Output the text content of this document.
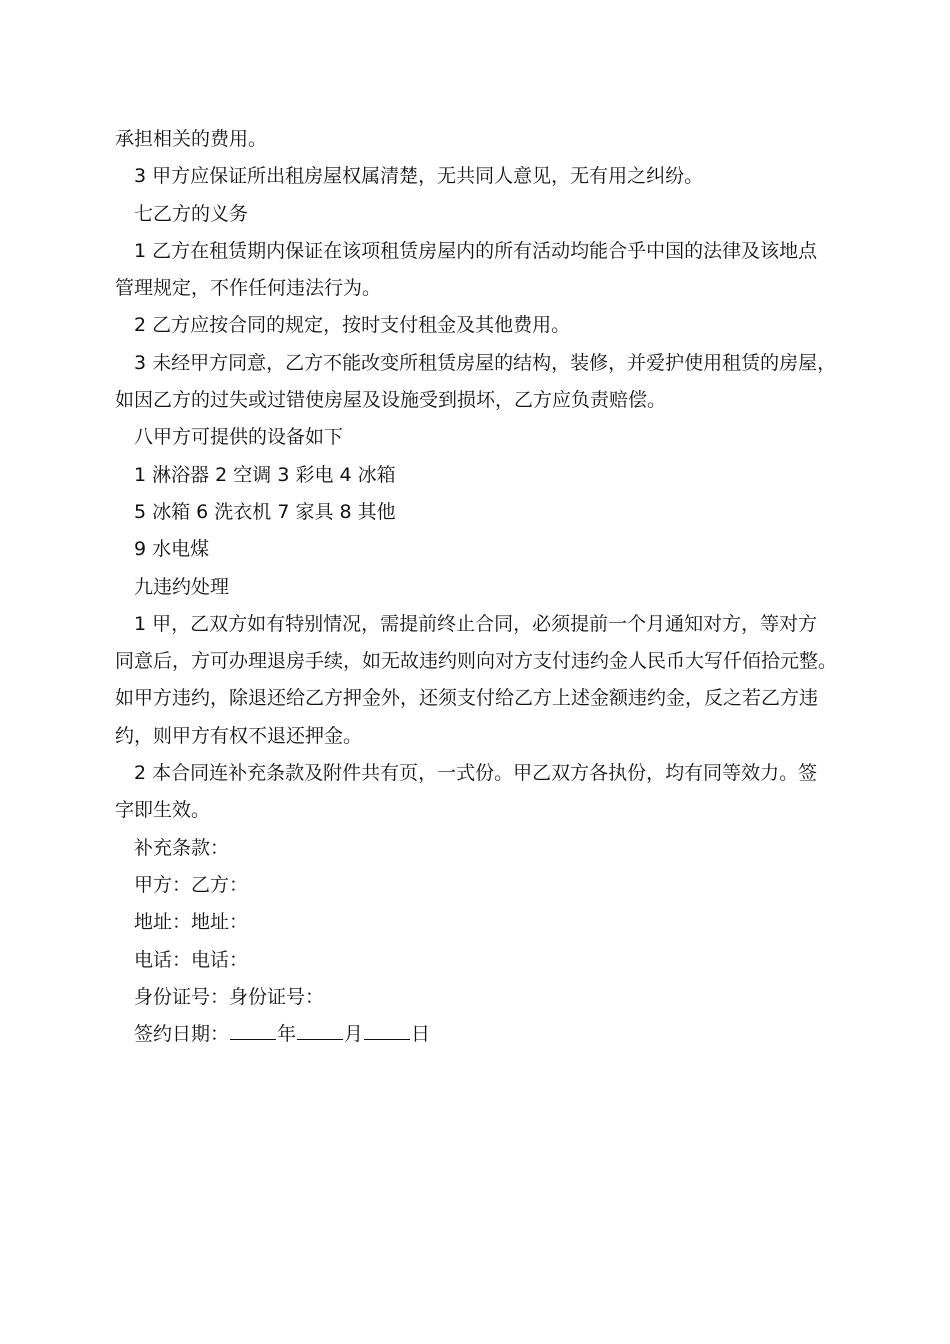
承担相关的费用。
3 甲方应保证所出租房屋权属清楚，无共同人意见，无有用之纠纷。
七乙方的义务
1 乙方在租赁期内保证在该项租赁房屋内的所有活动均能合乎中国的法律及该地点
管理规定，不作任何违法行为。
2 乙方应按合同的规定，按时支付租金及其他费用。
3 未经甲方同意，乙方不能改变所租赁房屋的结构，装修，并爱护使用租赁的房屋，
如因乙方的过失或过错使房屋及设施受到损坏，乙方应负责赔偿。
八甲方可提供的设备如下
1 淋浴器 2 空调 3 彩电 4 冰箱
5 冰箱 6 洗衣机 7 家具 8 其他
9 水电煤
九违约处理
1 甲，乙双方如有特别情况，需提前终止合同，必须提前一个月通知对方，等对方
同意后，方可办理退房手续，如无故违约则向对方支付违约金人民币大写仟佰拾元整。
如甲方违约，除退还给乙方押金外，还须支付给乙方上述金额违约金，反之若乙方违
约，则甲方有权不退还押金。
2 本合同连补充条款及附件共有页，一式份。甲乙双方各执份，均有同等效力。签
字即生效。
补充条款：
甲方：乙方：
地址：地址：
电话：电话：
身份证号：身份证号：
签约日期：	年	月	日
